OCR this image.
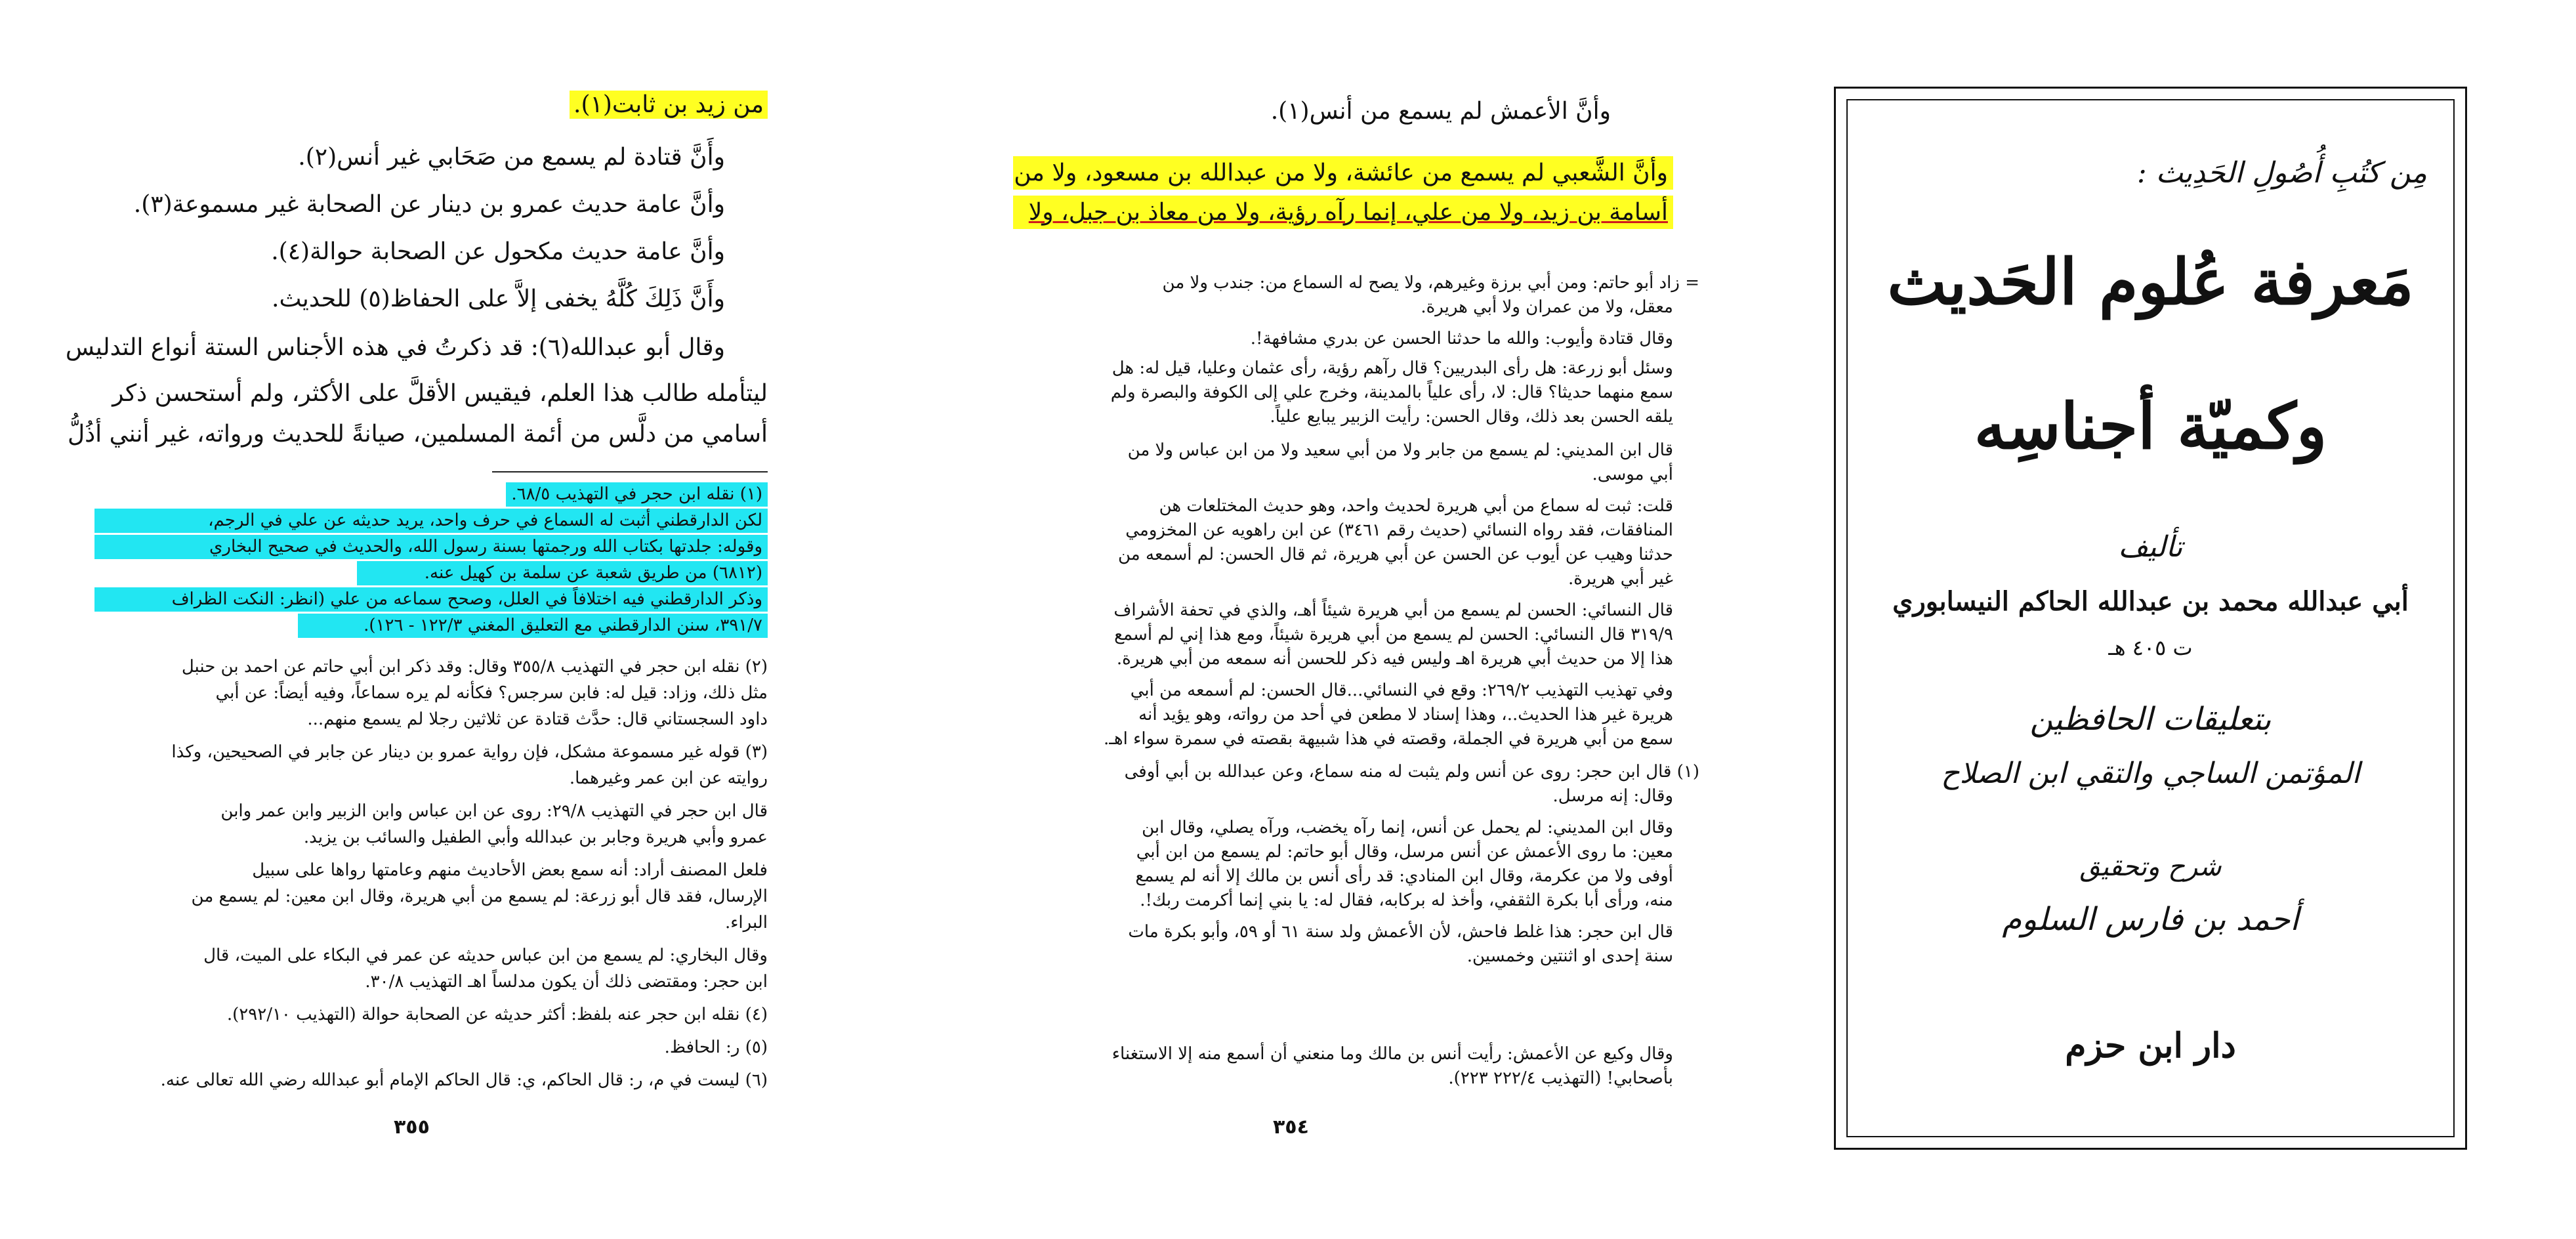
من زيد بن ثابت(١).
وأَنَّ قتادة لم يسمع من صَحَابي غير أنس(٢).
وأنَّ عامة حديث عمرو بن دينار عن الصحابة غير مسموعة(٣).
وأنَّ عامة حديث مكحول عن الصحابة حوالة(٤).
وأَنَّ ذَلِكَ كُلَّهُ يخفى إلاَّ على الحفاظ(٥) للحديث.
وقال أبو عبدالله(٦): قد ذكرتُ في هذه الأجناس الستة أنواع التدليس
ليتأمله طالب هذا العلم، فيقيس الأقلَّ على الأكثر، ولم أستحسن ذكر
أسامي من دلَّس من أئمة المسلمين، صيانةً للحديث ورواته، غير أنني أذُلُّ
(١) نقله ابن حجر في التهذيب ٦٨/٥.
لكن الدارقطني أثبت له السماع في حرف واحد، يريد حديثه عن علي في الرجم،
وقوله: جلدتها بكتاب الله ورجمتها بسنة رسول الله، والحديث في صحيح البخاري
(٦٨١٢) من طريق شعبة عن سلمة بن كهيل عنه.
وذكر الدارقطني فيه اختلافاً في العلل، وصحح سماعه من علي (انظر: النكت الظراف
٣٩١/٧، سنن الدارقطني مع التعليق المغني ١٢٢/٣ - ١٢٦).
(٢) نقله ابن حجر في التهذيب ٣٥٥/٨ وقال: وقد ذكر ابن أبي حاتم عن احمد بن حنبل
مثل ذلك، وزاد: قيل له: فابن سرجس؟ فكأنه لم يره سماعاً، وفيه أيضاً: عن أبي
داود السجستاني قال: حدَّث قتادة عن ثلاثين رجلا لم يسمع منهم...
(٣) قوله غير مسموعة مشكل، فإن رواية عمرو بن دينار عن جابر في الصحيحين، وكذا
روايته عن ابن عمر وغيرهما.
قال ابن حجر في التهذيب ٢٩/٨: روى عن ابن عباس وابن الزبير وابن عمر وابن
عمرو وأبي هريرة وجابر بن عبدالله وأبي الطفيل والسائب بن يزيد.
فلعل المصنف أراد: أنه سمع بعض الأحاديث منهم وعامتها رواها على سبيل
الإرسال، فقد قال أبو زرعة: لم يسمع من أبي هريرة، وقال ابن معين: لم يسمع من
البراء.
وقال البخاري: لم يسمع من ابن عباس حديثه عن عمر في البكاء على الميت، قال
ابن حجر: ومقتضى ذلك أن يكون مدلساً اهـ التهذيب ٣٠/٨.
(٤) نقله ابن حجر عنه بلفظ: أكثر حديثه عن الصحابة حوالة (التهذيب ٢٩٢/١٠).
(٥) ر: الحافظ.
(٦) ليست في م، ر: قال الحاكم، ي: قال الحاكم الإمام أبو عبدالله رضي الله تعالى عنه.
٣٥٥
وأنَّ الأعمش لم يسمع من أنس(١).
وأنَّ الشَّعبي لم يسمع من عائشة، ولا من عبدالله بن مسعود، ولا من
أسامة بن زيد، ولا من علي، إنما رآه رؤية، ولا من معاذ بن جبل، ولا
= زاد أبو حاتم: ومن أبي برزة وغيرهم، ولا يصح له السماع من: جندب ولا من
معقل، ولا من عمران ولا أبي هريرة.
وقال قتادة وأيوب: والله ما حدثنا الحسن عن بدري مشافهة!.
وسئل أبو زرعة: هل رأى البدريين؟ قال رآهم رؤية، رأى عثمان وعليا، قيل له: هل
سمع منهما حديثا؟ قال: لا، رأى علياً بالمدينة، وخرج علي إلى الكوفة والبصرة ولم
يلقه الحسن بعد ذلك، وقال الحسن: رأيت الزبير يبايع علياً.
قال ابن المديني: لم يسمع من جابر ولا من أبي سعيد ولا من ابن عباس ولا من
أبي موسى.
قلت: ثبت له سماع من أبي هريرة لحديث واحد، وهو حديث المختلعات هن
المنافقات، فقد رواه النسائي (حديث رقم ٣٤٦١) عن ابن راهويه عن المخزومي
حدثنا وهيب عن أيوب عن الحسن عن أبي هريرة، ثم قال الحسن: لم أسمعه من
غير أبي هريرة.
قال النسائي: الحسن لم يسمع من أبي هريرة شيئاً أهـ، والذي في تحفة الأشراف
٣١٩/٩ قال النسائي: الحسن لم يسمع من أبي هريرة شيئاً، ومع هذا إني لم أسمع
هذا إلا من حديث أبي هريرة اهـ وليس فيه ذكر للحسن أنه سمعه من أبي هريرة.
وفي تهذيب التهذيب ٢٦٩/٢: وقع في النسائي...قال الحسن: لم أسمعه من أبي
هريرة غير هذا الحديث..، وهذا إسناد لا مطعن في أحد من رواته، وهو يؤيد أنه
سمع من أبي هريرة في الجملة، وقصته في هذا شبيهة بقصته في سمرة سواء اهـ.
(١) قال ابن حجر: روى عن أنس ولم يثبت له منه سماع، وعن عبدالله بن أبي أوفى
وقال: إنه مرسل.
وقال ابن المديني: لم يحمل عن أنس، إنما رآه يخضب، ورآه يصلي، وقال ابن
معين: ما روى الأعمش عن أنس مرسل، وقال أبو حاتم: لم يسمع من ابن أبي
أوفى ولا من عكرمة، وقال ابن المنادي: قد رأى أنس بن مالك إلا أنه لم يسمع
منه، ورأى أبا بكرة الثقفي، وأخذ له بركابه، فقال له: يا بني إنما أكرمت ربك!.
قال ابن حجر: هذا غلط فاحش، لأن الأعمش ولد سنة ٦١ أو ٥٩، وأبو بكرة مات
سنة إحدى او اثنتين وخمسين.
وقال وكيع عن الأعمش: رأيت أنس بن مالك وما منعني أن أسمع منه إلا الاستغناء
بأصحابي! (التهذيب ٢٢٢/٤ ٢٢٣).
٣٥٤
مِن كتُبِ أُصُولِ الحَدِيث :
مَعرفة عُلوم الحَديث
وكميّة أجناسِه
تأليف
أبي عبدالله محمد بن عبدالله الحاكم النيسابوري
ت ٤٠٥ هـ
بتعليقات الحافظين
المؤتمن الساجي والتقي ابن الصلاح
شرح وتحقيق
أحمد بن فارس السلوم
دار ابن حزم
